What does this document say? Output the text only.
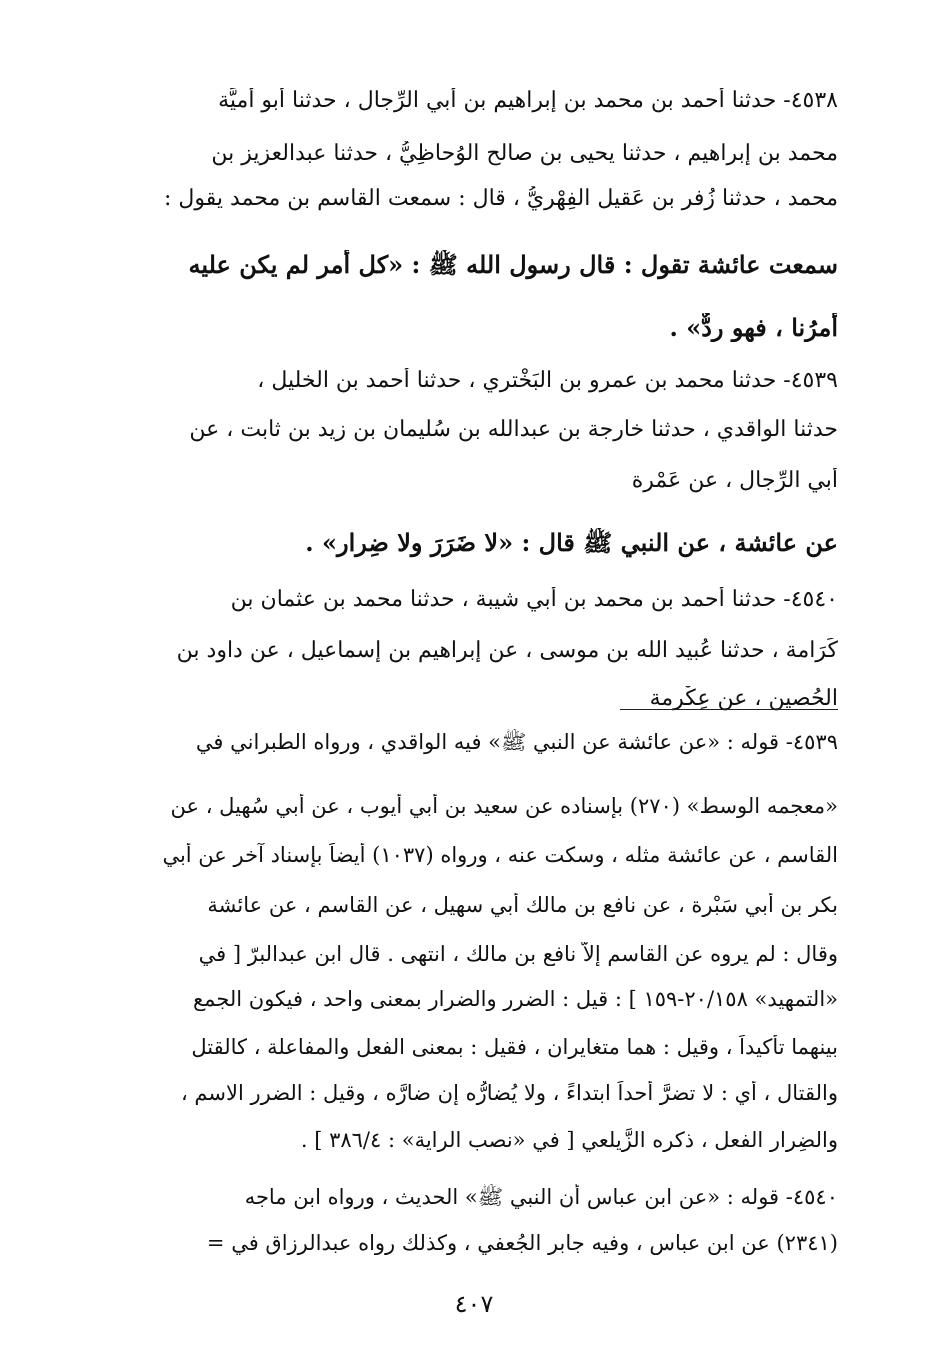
٤٥٣٨- حدثنا أحمد بن محمد بن إبراهيم بن أبي الرِّجال ، حدثنا أبو أُميَّة
محمد بن إبراهيم ، حدثنا يحيى بن صالح الوُحاظِيُّ ، حدثنا عبدالعزيز بن
محمد ، حدثنا زُفر بن عَقيل الفِهْرِيُّ ، قال : سمعت القاسم بن محمد يقول :
سمعت عائشة تقول : قال رسول الله ﷺ : «كل أمر لم يكن عليه
أمرُنا ، فهو ردٌّ» .
٤٥٣٩- حدثنا محمد بن عمرو بن البَخْتري ، حدثنا أحمد بن الخليل ،
حدثنا الواقدي ، حدثنا خارجة بن عبدالله بن سُليمان بن زيد بن ثابت ، عن
أبي الرِّجال ، عن عَمْرة
عن عائشة ، عن النبي ﷺ قال : «لا ضَرَرَ ولا ضِرار» .
٤٥٤٠- حدثنا أحمد بن محمد بن أبي شيبة ، حدثنا محمد بن عثمان بن
كَرَامة ، حدثنا عُبيد الله بن موسى ، عن إبراهيم بن إسماعيل ، عن داود بن
الحُصين ، عن عِكْرِمة
٤٥٣٩- قوله : «عن عائشة عن النبي ﷺ» فيه الواقدي ، ورواه الطبراني في
«معجمه الوسط» (٢٧٠) بإسناده عن سعيد بن أبي أيوب ، عن أبي سُهيل ، عن
القاسم ، عن عائشة مثله ، وسكت عنه ، ورواه (١٠٣٧) أيضاً بإسناد آخر عن أبي
بكر بن أبي سَبْرة ، عن نافع بن مالك أبي سهيل ، عن القاسم ، عن عائشة
وقال : لم يروه عن القاسم إلاّ نافع بن مالك ، انتهى . قال ابن عبدالبرّ [ في
«التمهيد» ٢٠/١٥٨-١٥٩ ] : قيل : الضرر والضرار بمعنى واحد ، فيكون الجمع
بينهما تأكيداً ، وقيل : هما متغايران ، فقيل : بمعنى الفعل والمفاعلة ، كالقتل
والقتال ، أي : لا تضرَّ أحداً ابتداءً ، ولا يُضارُّه إن ضارَّه ، وقيل : الضرر الاسم ،
والضِرار الفعل ، ذكره الزَّيلعي [ في «نصب الراية» : ٣٨٦/٤ ] .
٤٥٤٠- قوله : «عن ابن عباس أن النبي ﷺ» الحديث ، ورواه ابن ماجه
(٢٣٤١) عن ابن عباس ، وفيه جابر الجُعفي ، وكذلك رواه عبدالرزاق في =
٤٠٧
